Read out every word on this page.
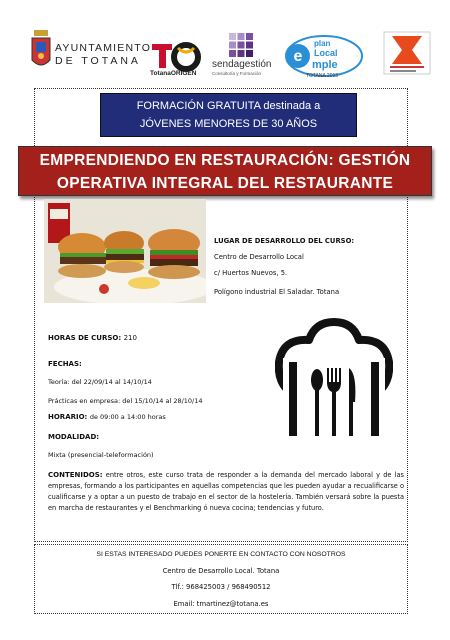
AYUNTAMIENTO
DE TOTANA
TotanaORIGEN
sendagestión
Consultoría y Formación
e
plan
Local
mple
TOTANA 2013
FORMACIÓN GRATUITA destinada a
JÓVENES MENORES DE 30 AÑOS
EMPRENDIENDO EN RESTAURACIÓN: GESTIÓN
OPERATIVA INTEGRAL DEL RESTAURANTE
LUGAR DE DESARROLLO DEL CURSO:
Centro de Desarrollo Local
c/ Huertos Nuevos, 5.
Polígono industrial El Saladar. Totana
HORAS DE CURSO: 210
FECHAS:
Teoría: del 22/09/14 al 14/10/14
Prácticas en empresa: del 15/10/14 al 28/10/14
HORARIO: de 09:00 a 14:00 horas
MODALIDAD:
Mixta (presencial-teleformación)
CONTENIDOS: entre otros, este curso trata de responder a la demanda del mercado laboral y de las empresas, formando a los participantes en aquellas competencias que les pueden ayudar a recualificarse o cualificarse y a optar a un puesto de trabajo en el sector de la hostelería. También versará sobre la puesta en marcha de restaurantes y el Benchmarking ó nueva cocina; tendencias y futuro.
SI ESTAS INTERESADO PUEDES PONERTE EN CONTACTO CON NOSOTROS
Centro de Desarrollo Local. Totana
Tlf.: 968425003 / 968490512
Email: tmartinez@totana.es
